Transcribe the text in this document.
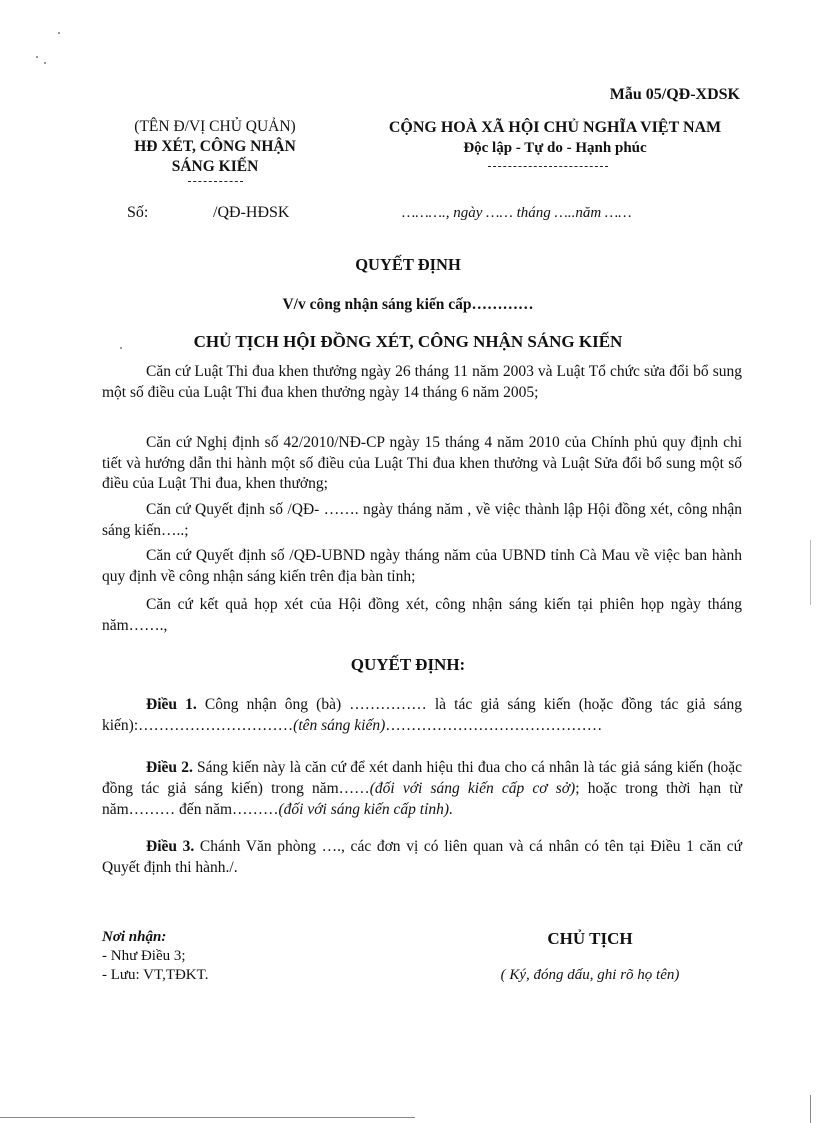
Mẫu 05/QĐ-XDSK
(TÊN Đ/VỊ CHỦ QUẢN)
HĐ XÉT, CÔNG NHẬN
SÁNG KIẾN
CỘNG HOÀ XÃ HỘI CHỦ NGHĨA VIỆT NAM
Độc lập - Tự do - Hạnh phúc
Số:	/QĐ-HĐSK	………., ngày …… tháng …..năm ……
QUYẾT ĐỊNH
V/v công nhận sáng kiến cấp…………
CHỦ TỊCH HỘI ĐỒNG XÉT, CÔNG NHẬN SÁNG KIẾN
Căn cứ Luật Thi đua khen thưởng ngày 26 tháng 11 năm 2003 và Luật Tổ chức sửa đổi bổ sung một số điều của Luật Thi đua khen thưởng ngày 14 tháng 6 năm 2005;
Căn cứ Nghị định số 42/2010/NĐ-CP ngày 15 tháng 4 năm 2010 của Chính phủ quy định chi tiết và hướng dẫn thi hành một số điều của Luật Thi đua khen thưởng và Luật Sửa đổi bổ sung một số điều của Luật Thi đua, khen thưởng;
Căn cứ Quyết định số /QĐ- ……. ngày tháng năm , về việc thành lập Hội đồng xét, công nhận sáng kiến…..;
Căn cứ Quyết định số /QĐ-UBND ngày tháng năm của UBND tỉnh Cà Mau về việc ban hành quy định về công nhận sáng kiến trên địa bàn tỉnh;
Căn cứ kết quả họp xét của Hội đồng xét, công nhận sáng kiến tại phiên họp ngày tháng năm…….,
QUYẾT ĐỊNH:
Điều 1. Công nhận ông (bà) …………… là tác giả sáng kiến (hoặc đồng tác giả sáng kiến):…………………………(tên sáng kiến)……………………………………
Điều 2. Sáng kiến này là căn cứ để xét danh hiệu thi đua cho cá nhân là tác giả sáng kiến (hoặc đồng tác giả sáng kiến) trong năm……(đối với sáng kiến cấp cơ sở); hoặc trong thời hạn từ năm……… đến năm………(đối với sáng kiến cấp tỉnh).
Điều 3. Chánh Văn phòng …., các đơn vị có liên quan và cá nhân có tên tại Điều 1 căn cứ Quyết định thi hành./.
Nơi nhận:
- Như Điều 3;
- Lưu: VT,TĐKT.
CHỦ TỊCH
( Ký, đóng dấu, ghi rõ họ tên)
